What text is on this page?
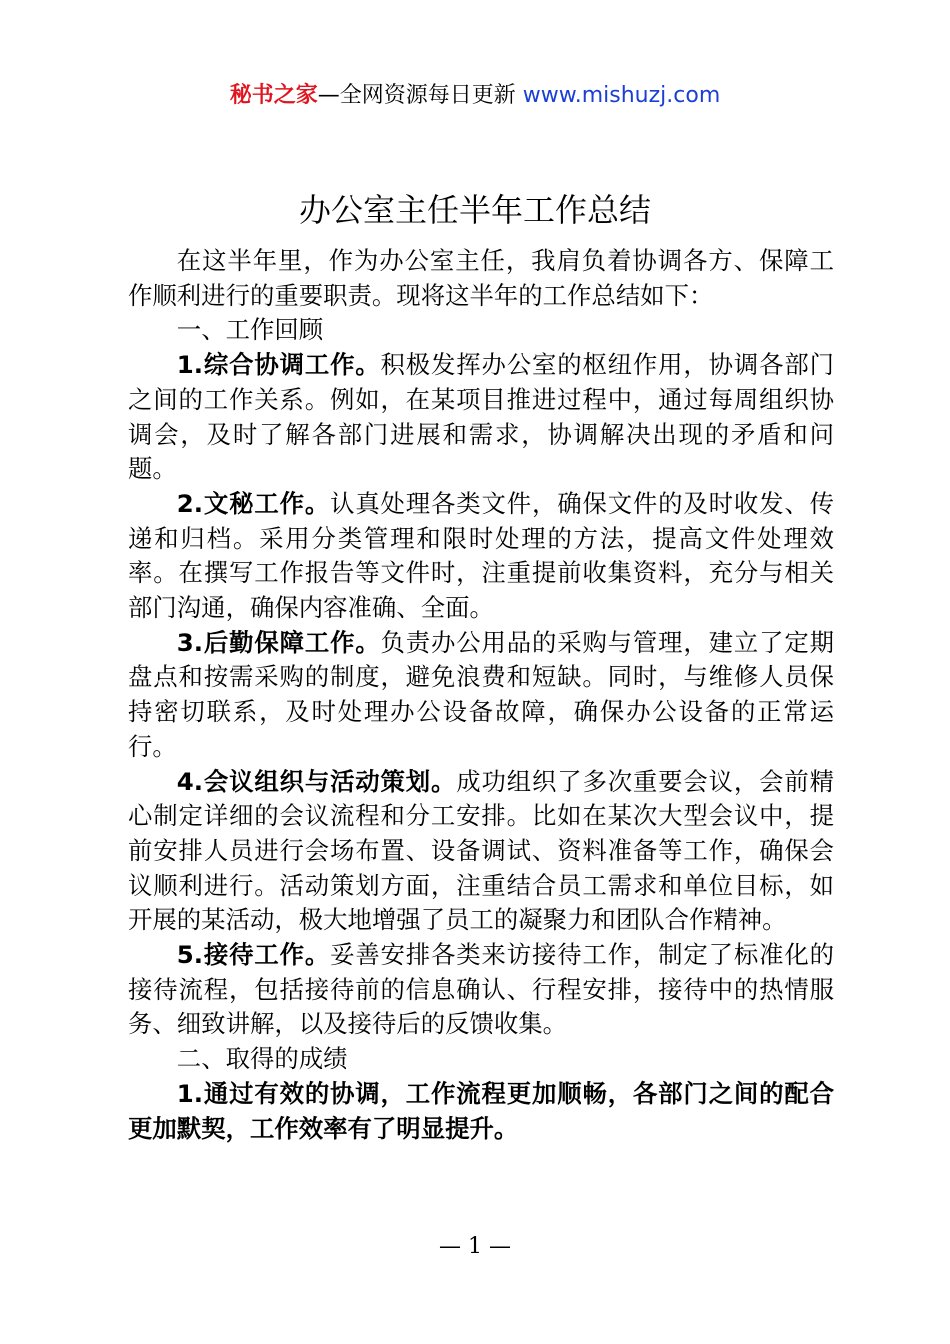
秘书之家—全网资源每日更新 www.mishuzj.com
办公室主任半年工作总结

在这半年里，作为办公室主任，我肩负着协调各方、保障工作顺利进行的重要职责。现将这半年的工作总结如下：

一、工作回顾

1.综合协调工作。积极发挥办公室的枢纽作用，协调各部门之间的工作关系。例如，在某项目推进过程中，通过每周组织协调会，及时了解各部门进展和需求，协调解决出现的矛盾和问题。

2.文秘工作。认真处理各类文件，确保文件的及时收发、传递和归档。采用分类管理和限时处理的方法，提高文件处理效率。在撰写工作报告等文件时，注重提前收集资料，充分与相关部门沟通，确保内容准确、全面。

3.后勤保障工作。负责办公用品的采购与管理，建立了定期盘点和按需采购的制度，避免浪费和短缺。同时，与维修人员保持密切联系，及时处理办公设备故障，确保办公设备的正常运行。

4.会议组织与活动策划。成功组织了多次重要会议，会前精心制定详细的会议流程和分工安排。比如在某次大型会议中，提前安排人员进行会场布置、设备调试、资料准备等工作，确保会议顺利进行。活动策划方面，注重结合员工需求和单位目标，如开展的某活动，极大地增强了员工的凝聚力和团队合作精神。

5.接待工作。妥善安排各类来访接待工作，制定了标准化的接待流程，包括接待前的信息确认、行程安排，接待中的热情服务、细致讲解，以及接待后的反馈收集。

二、取得的成绩

1.通过有效的协调，工作流程更加顺畅，各部门之间的配合更加默契，工作效率有了明显提升。

— 1 —
